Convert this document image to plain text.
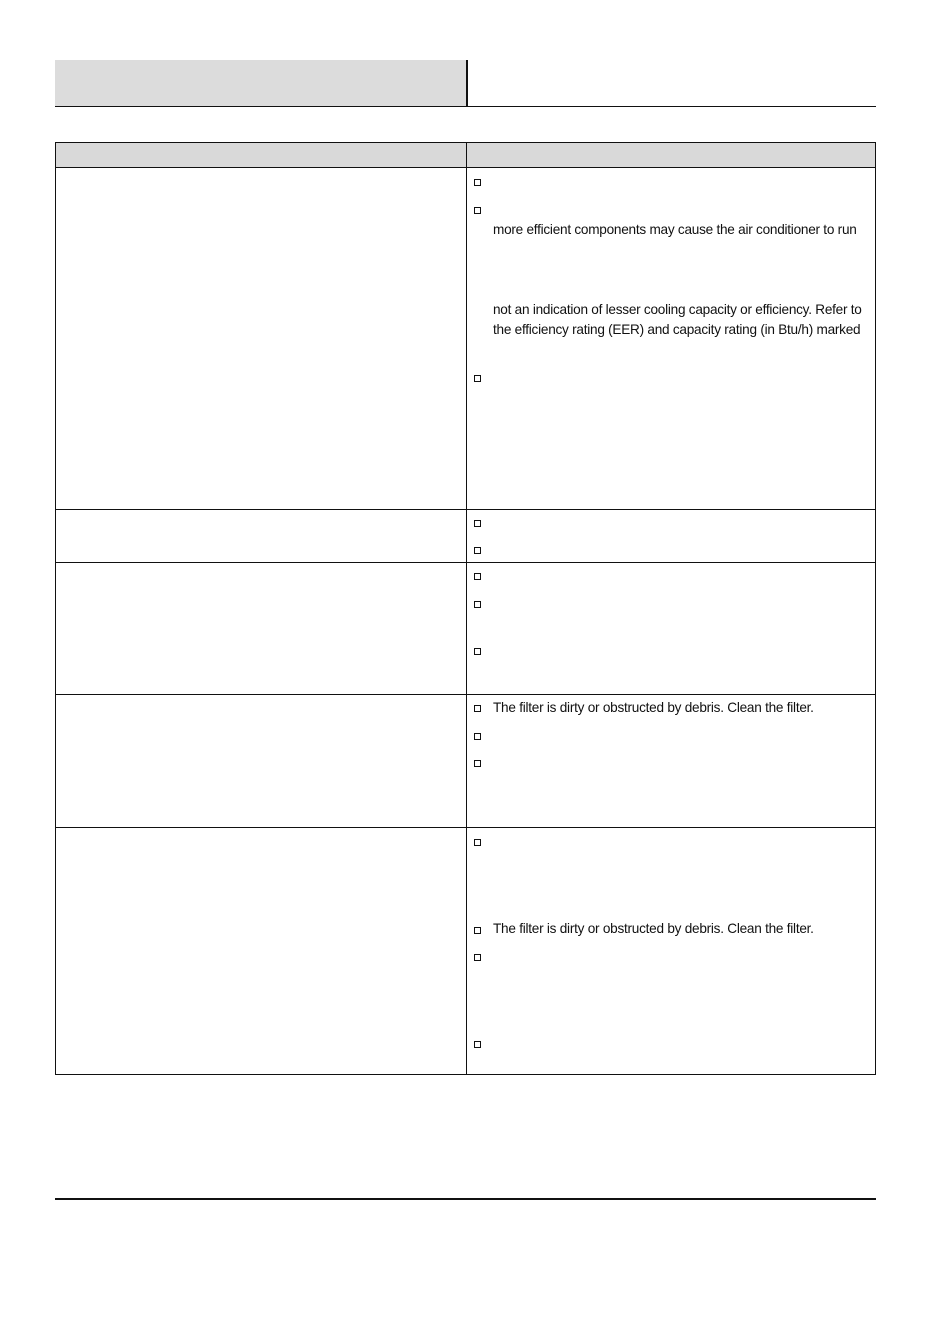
more efficient components may cause the air conditioner to run

not an indication of lesser cooling capacity or efficiency. Refer to

the efficiency rating (EER) and capacity rating (in Btu/h) marked

The filter is dirty or obstructed by debris. Clean the filter.

The filter is dirty or obstructed by debris. Clean the filter.
